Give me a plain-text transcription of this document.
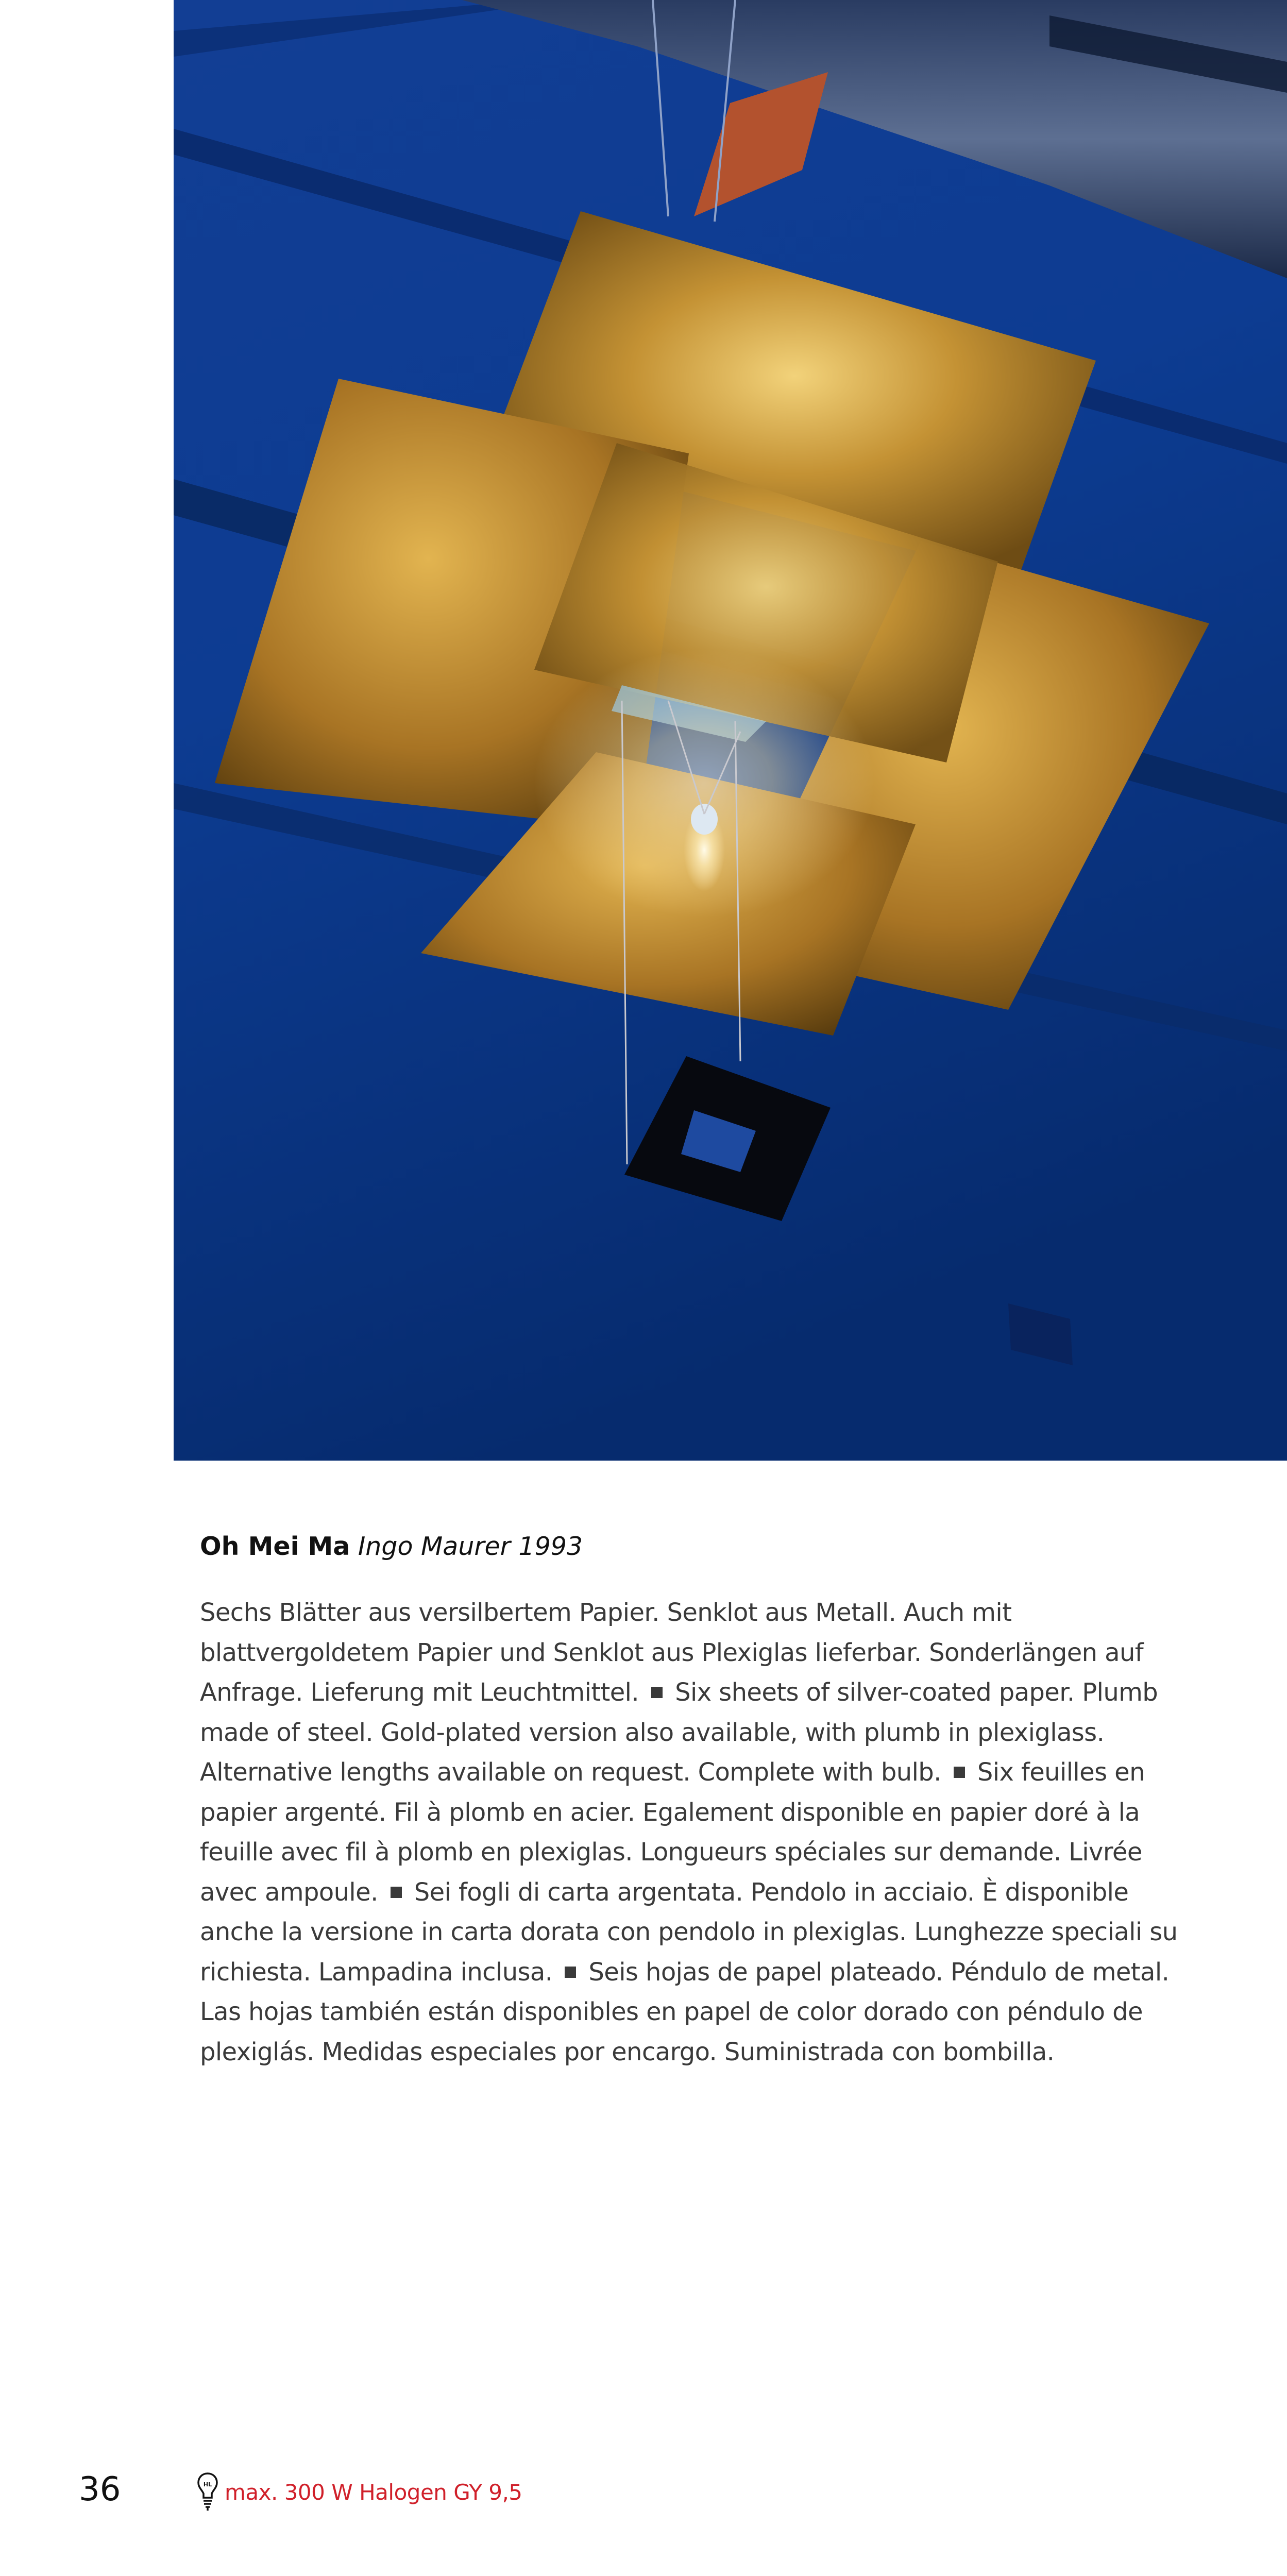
Oh Mei Ma Ingo Maurer 1993
Sechs Blätter aus versilbertem Papier. Senklot aus Metall. Auch mit blattvergoldetem Papier und Senklot aus Plexiglas lieferbar. Sonderlängen auf Anfrage. Lieferung mit Leuchtmittel. Six sheets of silver-coated paper. Plumb made of steel. Gold-plated version also available, with plumb in plexiglass. Alternative lengths available on request. Complete with bulb. Six feuilles en papier argenté. Fil à plomb en acier. Egalement disponible en papier doré à la feuille avec fil à plomb en plexiglas. Longueurs spéciales sur demande. Livrée avec ampoule. Sei fogli di carta argentata. Pendolo in acciaio. È disponible anche la versione in carta dorata con pendolo in plexiglas. Lunghezze speciali su richiesta. Lampadina inclusa. Seis hojas de papel plateado. Péndulo de metal. Las hojas también están disponibles en papel de color dorado con péndulo de plexiglás. Medidas especiales por encargo. Suministrada con bombilla.
36	HL max. 300 W Halogen GY 9,5
